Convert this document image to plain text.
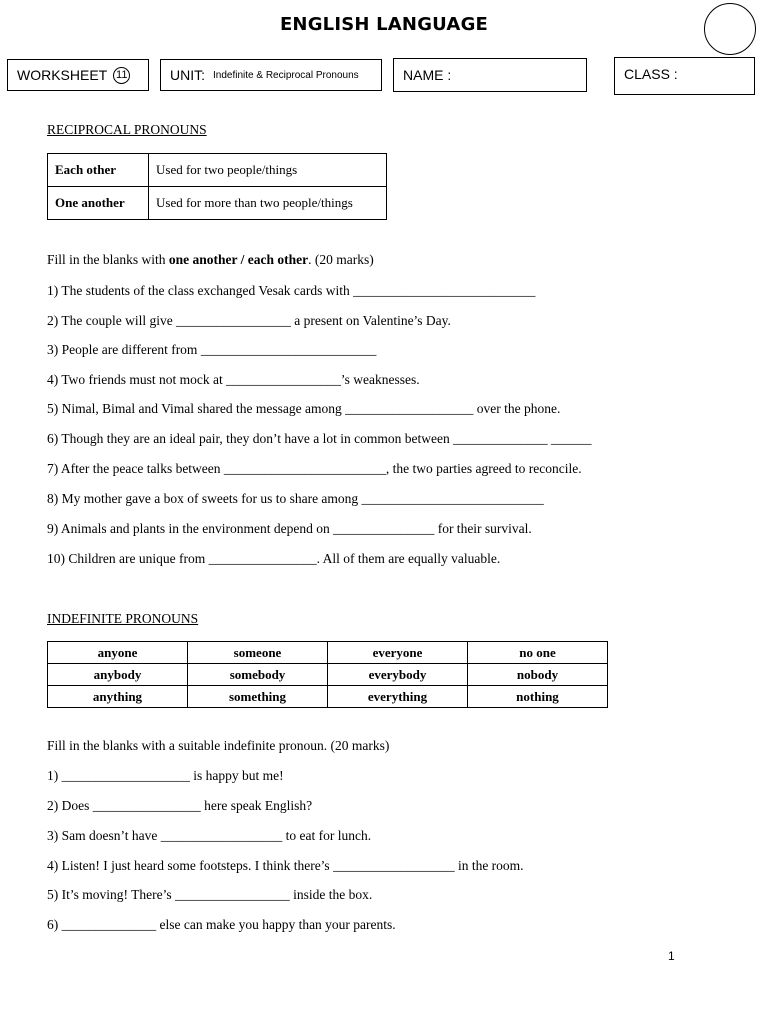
ENGLISH LANGUAGE
WORKSHEET 11	UNIT: Indefinite & Reciprocal Pronouns	NAME :	CLASS :
RECIPROCAL PRONOUNS
Each other	Used for two people/things
One another	Used for more than two people/things
Fill in the blanks with one another / each other. (20 marks)
1) The students of the class exchanged Vesak cards with ___________________________
2) The couple will give _________________ a present on Valentine’s Day.
3) People are different from __________________________
4) Two friends must not mock at _________________’s weaknesses.
5) Nimal, Bimal and Vimal shared the message among ___________________ over the phone.
6) Though they are an ideal pair, they don’t have a lot in common between ______________ ______
7) After the peace talks between ________________________, the two parties agreed to reconcile.
8) My mother gave a box of sweets for us to share among ___________________________
9) Animals and plants in the environment depend on _______________ for their survival.
10) Children are unique from ________________. All of them are equally valuable.
INDEFINITE PRONOUNS
anyone	someone	everyone	no one
anybody	somebody	everybody	nobody
anything	something	everything	nothing
Fill in the blanks with a suitable indefinite pronoun. (20 marks)
1) ___________________ is happy but me!
2) Does ________________ here speak English?
3) Sam doesn’t have __________________ to eat for lunch.
4) Listen! I just heard some footsteps. I think there’s __________________ in the room.
5) It’s moving! There’s _________________ inside the box.
6) ______________ else can make you happy than your parents.
1
